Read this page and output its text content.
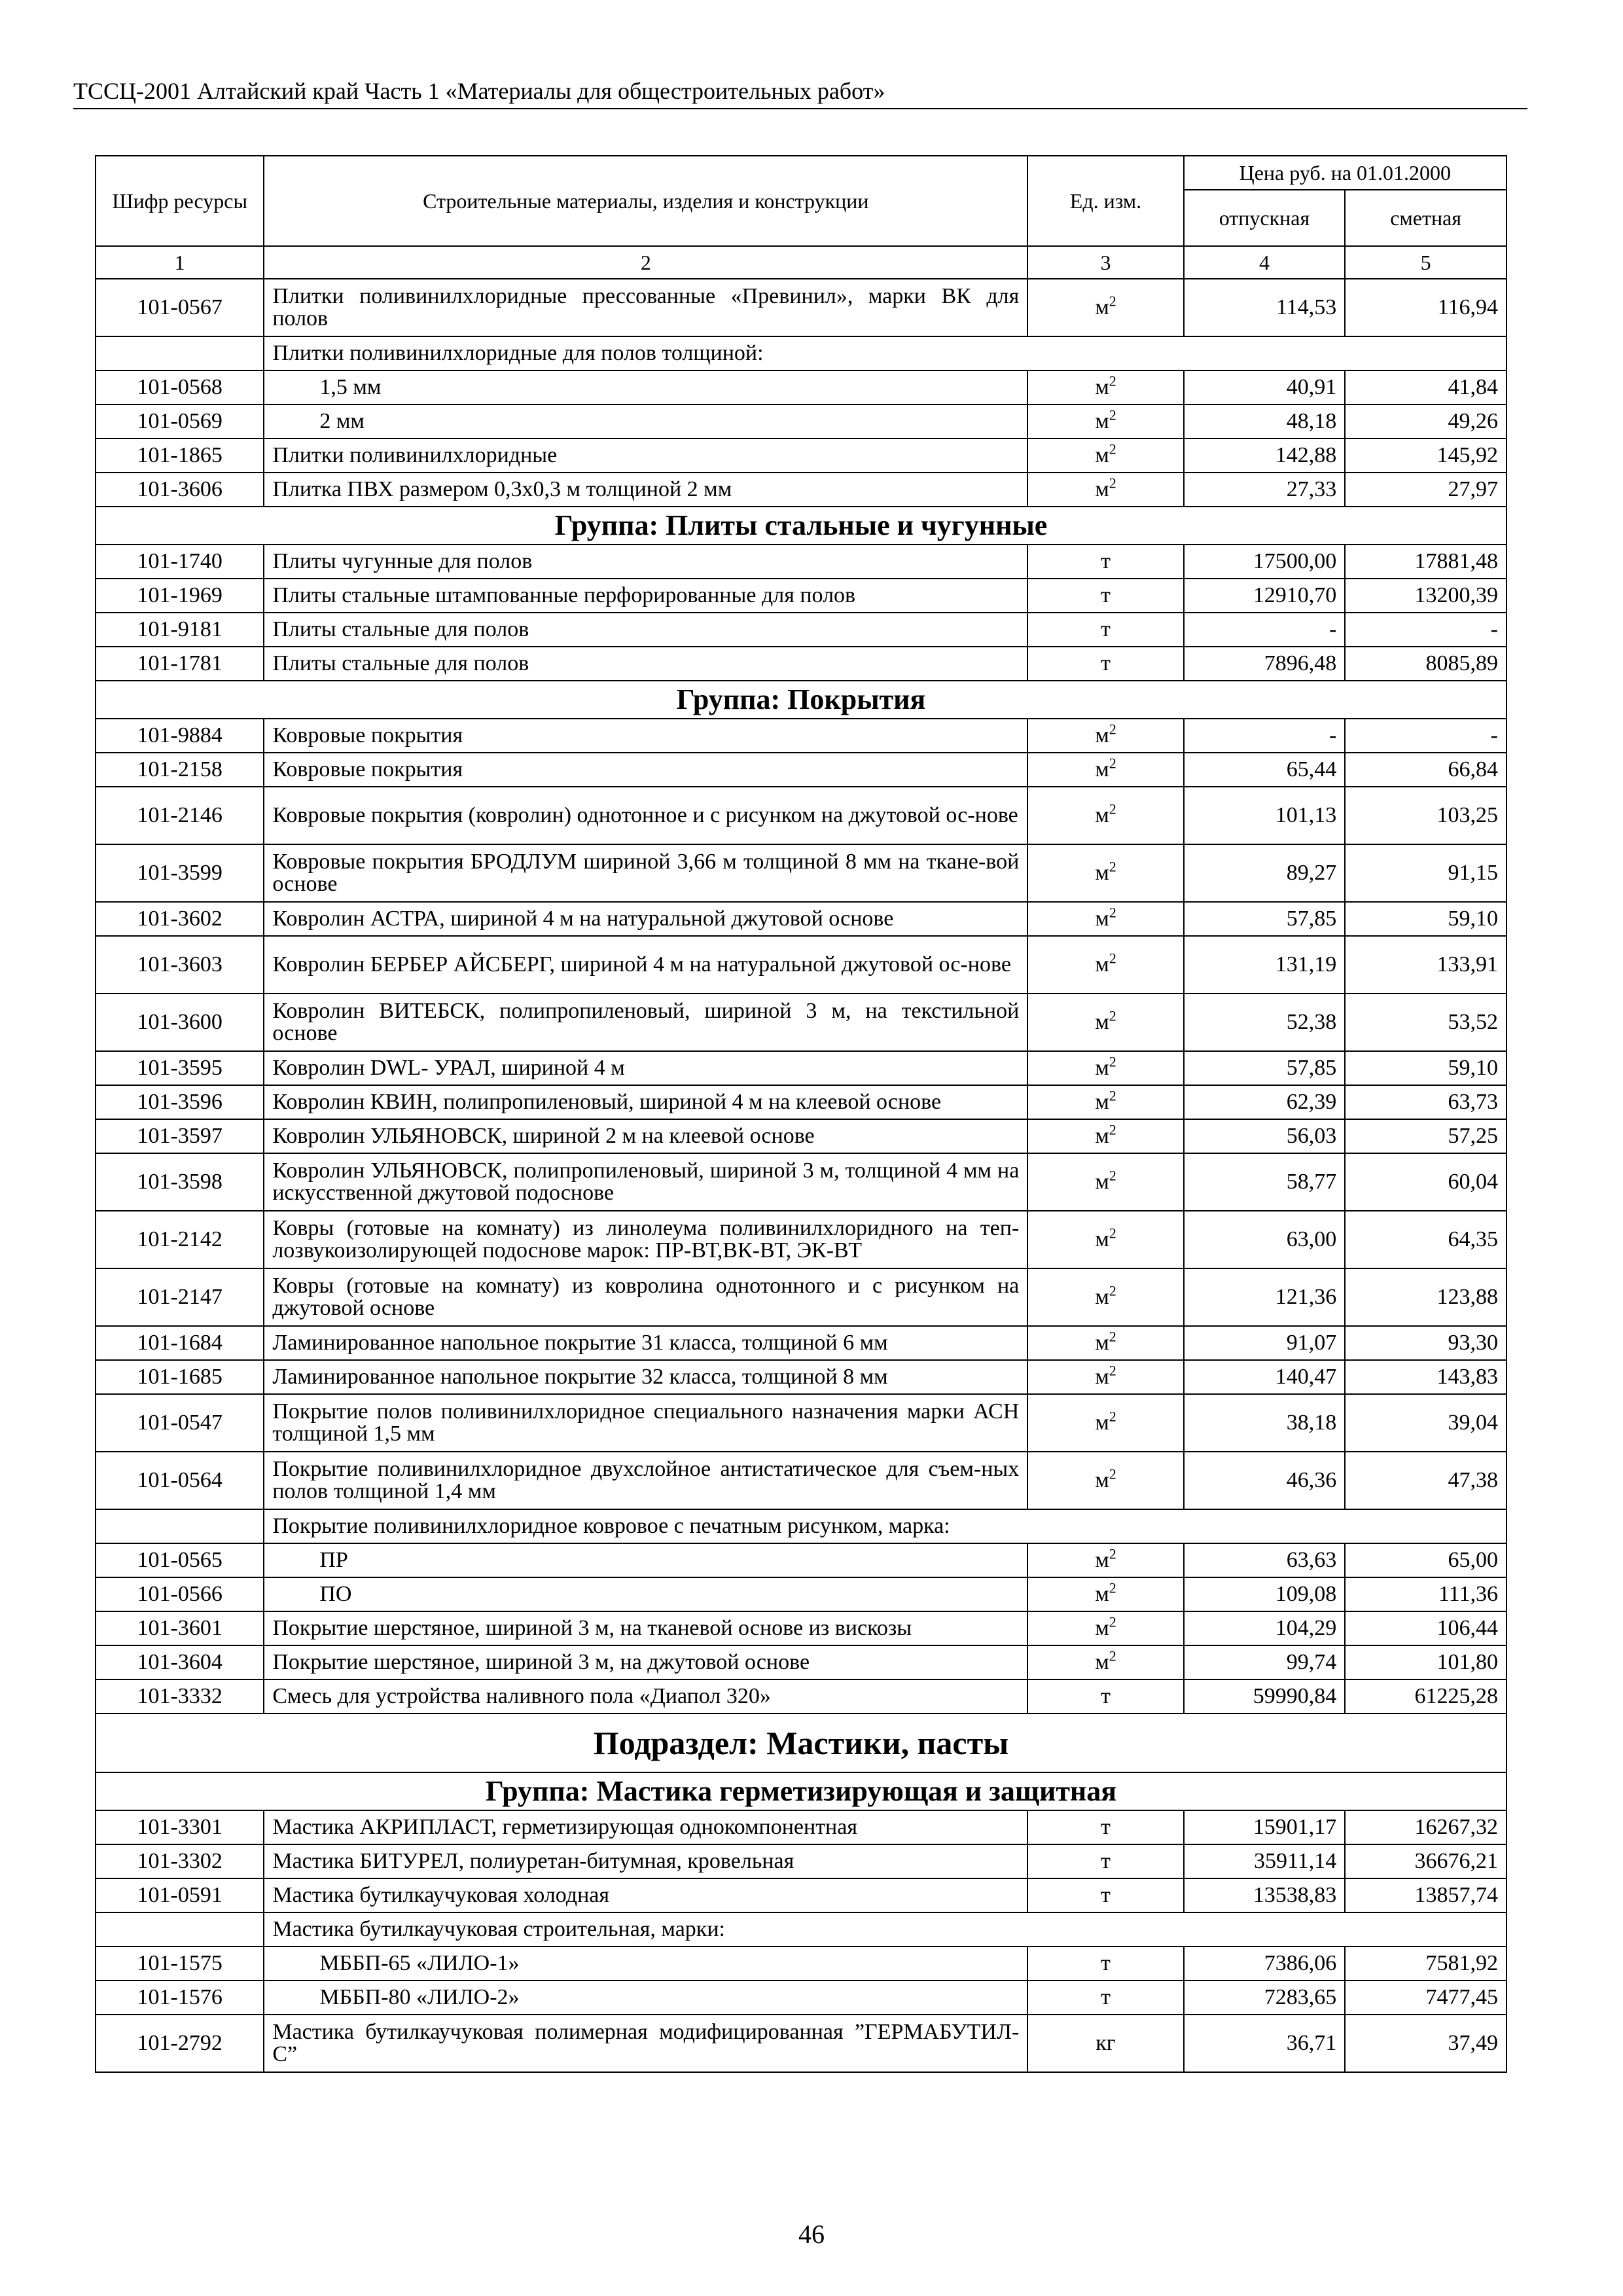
ТССЦ-2001 Алтайский край Часть 1 «Материалы для общестроительных работ»
Шифр ресурсы	Строительные материалы, изделия и конструкции	Ед. изм.	Цена руб. на 01.01.2000	
			отпускная	сметная
1	2	3	4	5
101-0567	Плитки поливинилхлоридные прессованные «Превинил», марки ВК для полов	$м^2$	114,53	116,94
	Плитки поливинилхлоридные для полов толщиной:			
101-0568	1,5 мм	$м^2$	40,91	41,84
101-0569	2 мм	$м^2$	48,18	49,26
101-1865	Плитки поливинилхлоридные	$м^2$	142,88	145,92
101-3606	Плитка ПВХ размером 0,3х0,3 м толщиной 2 мм	$м^2$	27,33	27,97
Группа: Плиты стальные и чугунные				
101-1740	Плиты чугунные для полов	т	17500,00	17881,48
101-1969	Плиты стальные штампованные перфорированные для полов	т	12910,70	13200,39
101-9181	Плиты стальные для полов	т	-	-
101-1781	Плиты стальные для полов	т	7896,48	8085,89
Группа: Покрытия				
101-9884	Ковровые покрытия	$м^2$	-	-
101-2158	Ковровые покрытия	$м^2$	65,44	66,84
101-2146	Ковровые покрытия (ковролин) однотонное и с рисунком на джутовой ос-нове	$м^2$	101,13	103,25
101-3599	Ковровые покрытия БРОДЛУМ шириной 3,66 м толщиной 8 мм на ткане-вой основе	$м^2$	89,27	91,15
101-3602	Ковролин АСТРА, шириной 4 м на натуральной джутовой основе	$м^2$	57,85	59,10
101-3603	Ковролин БЕРБЕР АЙСБЕРГ, шириной 4 м на натуральной джутовой ос-нове	$м^2$	131,19	133,91
101-3600	Ковролин ВИТЕБСК, полипропиленовый, шириной 3 м, на текстильной основе	$м^2$	52,38	53,52
101-3595	Ковролин DWL- УРАЛ, шириной 4 м	$м^2$	57,85	59,10
101-3596	Ковролин КВИН, полипропиленовый, шириной 4 м на клеевой основе	$м^2$	62,39	63,73
101-3597	Ковролин УЛЬЯНОВСК, шириной 2 м на клеевой основе	$м^2$	56,03	57,25
101-3598	Ковролин УЛЬЯНОВСК, полипропиленовый, шириной 3 м, толщиной 4 мм на искусственной джутовой подоснове	$м^2$	58,77	60,04
101-2142	Ковры (готовые на комнату) из линолеума поливинилхлоридного на теп-лозвукоизолирующей подоснове марок: ПР-ВТ,ВК-ВТ, ЭК-ВТ	$м^2$	63,00	64,35
101-2147	Ковры (готовые на комнату) из ковролина однотонного и с рисунком на джутовой основе	$м^2$	121,36	123,88
101-1684	Ламинированное напольное покрытие 31 класса, толщиной 6 мм	$м^2$	91,07	93,30
101-1685	Ламинированное напольное покрытие 32 класса, толщиной 8 мм	$м^2$	140,47	143,83
101-0547	Покрытие полов поливинилхлоридное специального назначения марки АСН толщиной 1,5 мм	$м^2$	38,18	39,04
101-0564	Покрытие поливинилхлоридное двухслойное антистатическое для съем-ных полов толщиной 1,4 мм	$м^2$	46,36	47,38
	Покрытие поливинилхлоридное ковровое с печатным рисунком, марка:			
101-0565	ПР	$м^2$	63,63	65,00
101-0566	ПО	$м^2$	109,08	111,36
101-3601	Покрытие шерстяное, шириной 3 м, на тканевой основе из вискозы	$м^2$	104,29	106,44
101-3604	Покрытие шерстяное, шириной 3 м, на джутовой основе	$м^2$	99,74	101,80
101-3332	Смесь для устройства наливного пола «Диапол 320»	т	59990,84	61225,28
Подраздел: Мастики, пасты				
Группа: Мастика герметизирующая и защитная				
101-3301	Мастика АКРИПЛАСТ, герметизирующая однокомпонентная	т	15901,17	16267,32
101-3302	Мастика БИТУРЕЛ, полиуретан-битумная, кровельная	т	35911,14	36676,21
101-0591	Мастика бутилкаучуковая холодная	т	13538,83	13857,74
	Мастика бутилкаучуковая строительная, марки:			
101-1575	МББП-65 «ЛИЛО-1»	т	7386,06	7581,92
101-1576	МББП-80 «ЛИЛО-2»	т	7283,65	7477,45
101-2792	Мастика бутилкаучуковая полимерная модифицированная ”ГЕРМАБУТИЛ-С”	кг	36,71	37,49
46
